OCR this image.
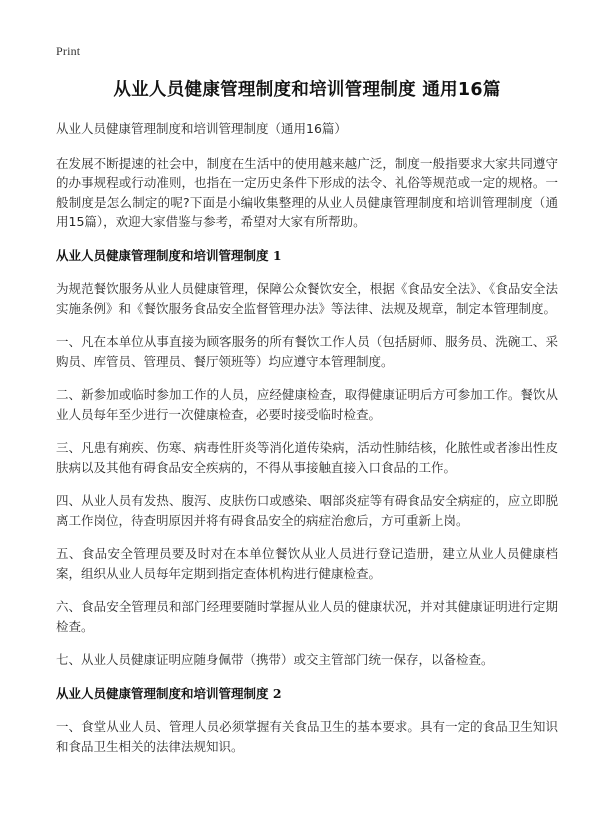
Print
从业人员健康管理制度和培训管理制度 通用16篇

从业人员健康管理制度和培训管理制度（通用16篇）

在发展不断提速的社会中，制度在生活中的使用越来越广泛，制度一般指要求大家共同遵守的办事规程或行动准则，也指在一定历史条件下形成的法令、礼俗等规范或一定的规格。一般制度是怎么制定的呢?下面是小编收集整理的从业人员健康管理制度和培训管理制度（通用15篇），欢迎大家借鉴与参考，希望对大家有所帮助。

从业人员健康管理制度和培训管理制度 1

为规范餐饮服务从业人员健康管理，保障公众餐饮安全，根据《食品安全法》、《食品安全法实施条例》和《餐饮服务食品安全监督管理办法》等法律、法规及规章，制定本管理制度。

一、凡在本单位从事直接为顾客服务的所有餐饮工作人员（包括厨师、服务员、洗碗工、采购员、库管员、管理员、餐厅领班等）均应遵守本管理制度。

二、新参加或临时参加工作的人员，应经健康检查，取得健康证明后方可参加工作。餐饮从业人员每年至少进行一次健康检查，必要时接受临时检查。

三、凡患有痢疾、伤寒、病毒性肝炎等消化道传染病，活动性肺结核，化脓性或者渗出性皮肤病以及其他有碍食品安全疾病的，不得从事接触直接入口食品的工作。

四、从业人员有发热、腹泻、皮肤伤口或感染、咽部炎症等有碍食品安全病症的，应立即脱离工作岗位，待查明原因并将有碍食品安全的病症治愈后，方可重新上岗。

五、食品安全管理员要及时对在本单位餐饮从业人员进行登记造册，建立从业人员健康档案，组织从业人员每年定期到指定查体机构进行健康检查。

六、食品安全管理员和部门经理要随时掌握从业人员的健康状况，并对其健康证明进行定期检查。

七、从业人员健康证明应随身佩带（携带）或交主管部门统一保存，以备检查。

从业人员健康管理制度和培训管理制度 2

一、食堂从业人员、管理人员必须掌握有关食品卫生的基本要求。具有一定的食品卫生知识和食品卫生相关的法律法规知识。
